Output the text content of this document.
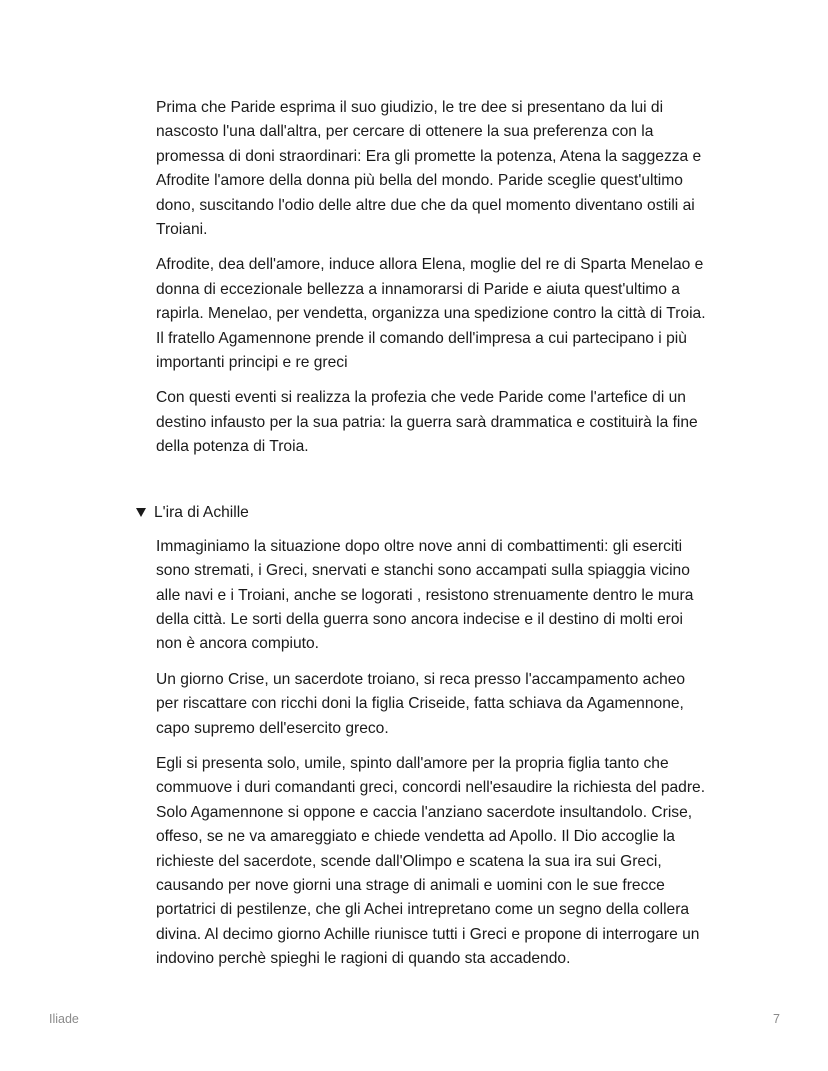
Prima che Paride esprima il suo giudizio, le tre dee si presentano da lui di
nascosto l'una dall'altra, per cercare di ottenere la sua preferenza con la
promessa di doni straordinari: Era gli promette la potenza, Atena la saggezza e
Afrodite l'amore della donna più bella del mondo. Paride sceglie quest'ultimo
dono, suscitando l'odio delle altre due che da quel momento diventano ostili ai
Troiani.

Afrodite, dea dell'amore, induce allora Elena, moglie del re di Sparta Menelao e
donna di eccezionale bellezza a innamorarsi di Paride e aiuta quest'ultimo a
rapirla. Menelao, per vendetta, organizza una spedizione contro la città di Troia.
Il fratello Agamennone prende il comando dell'impresa a cui partecipano i più
importanti principi e re greci

Con questi eventi si realizza la profezia che vede Paride come l'artefice di un
destino infausto per la sua patria: la guerra sarà drammatica e costituirà la fine
della potenza di Troia.

L'ira di Achille

Immaginiamo la situazione dopo oltre nove anni di combattimenti: gli eserciti
sono stremati, i Greci, snervati e stanchi sono accampati sulla spiaggia vicino
alle navi e i Troiani, anche se logorati , resistono strenuamente dentro le mura
della città. Le sorti della guerra sono ancora indecise e il destino di molti eroi
non è ancora compiuto.

Un giorno Crise, un sacerdote troiano, si reca presso l'accampamento acheo
per riscattare con ricchi doni la figlia Criseide, fatta schiava da Agamennone,
capo supremo dell'esercito greco.

Egli si presenta solo, umile, spinto dall'amore per la propria figlia tanto che
commuove i duri comandanti greci, concordi nell'esaudire la richiesta del padre.
Solo Agamennone si oppone e caccia l'anziano sacerdote insultandolo. Crise,
offeso, se ne va amareggiato e chiede vendetta ad Apollo. Il Dio accoglie la
richieste del sacerdote, scende dall'Olimpo e scatena la sua ira sui Greci,
causando per nove giorni una strage di animali e uomini con le sue frecce
portatrici di pestilenze, che gli Achei intrepretano come un segno della collera
divina. Al decimo giorno Achille riunisce tutti i Greci e propone di interrogare un
indovino perchè spieghi le ragioni di quando sta accadendo.

Iliade	7
